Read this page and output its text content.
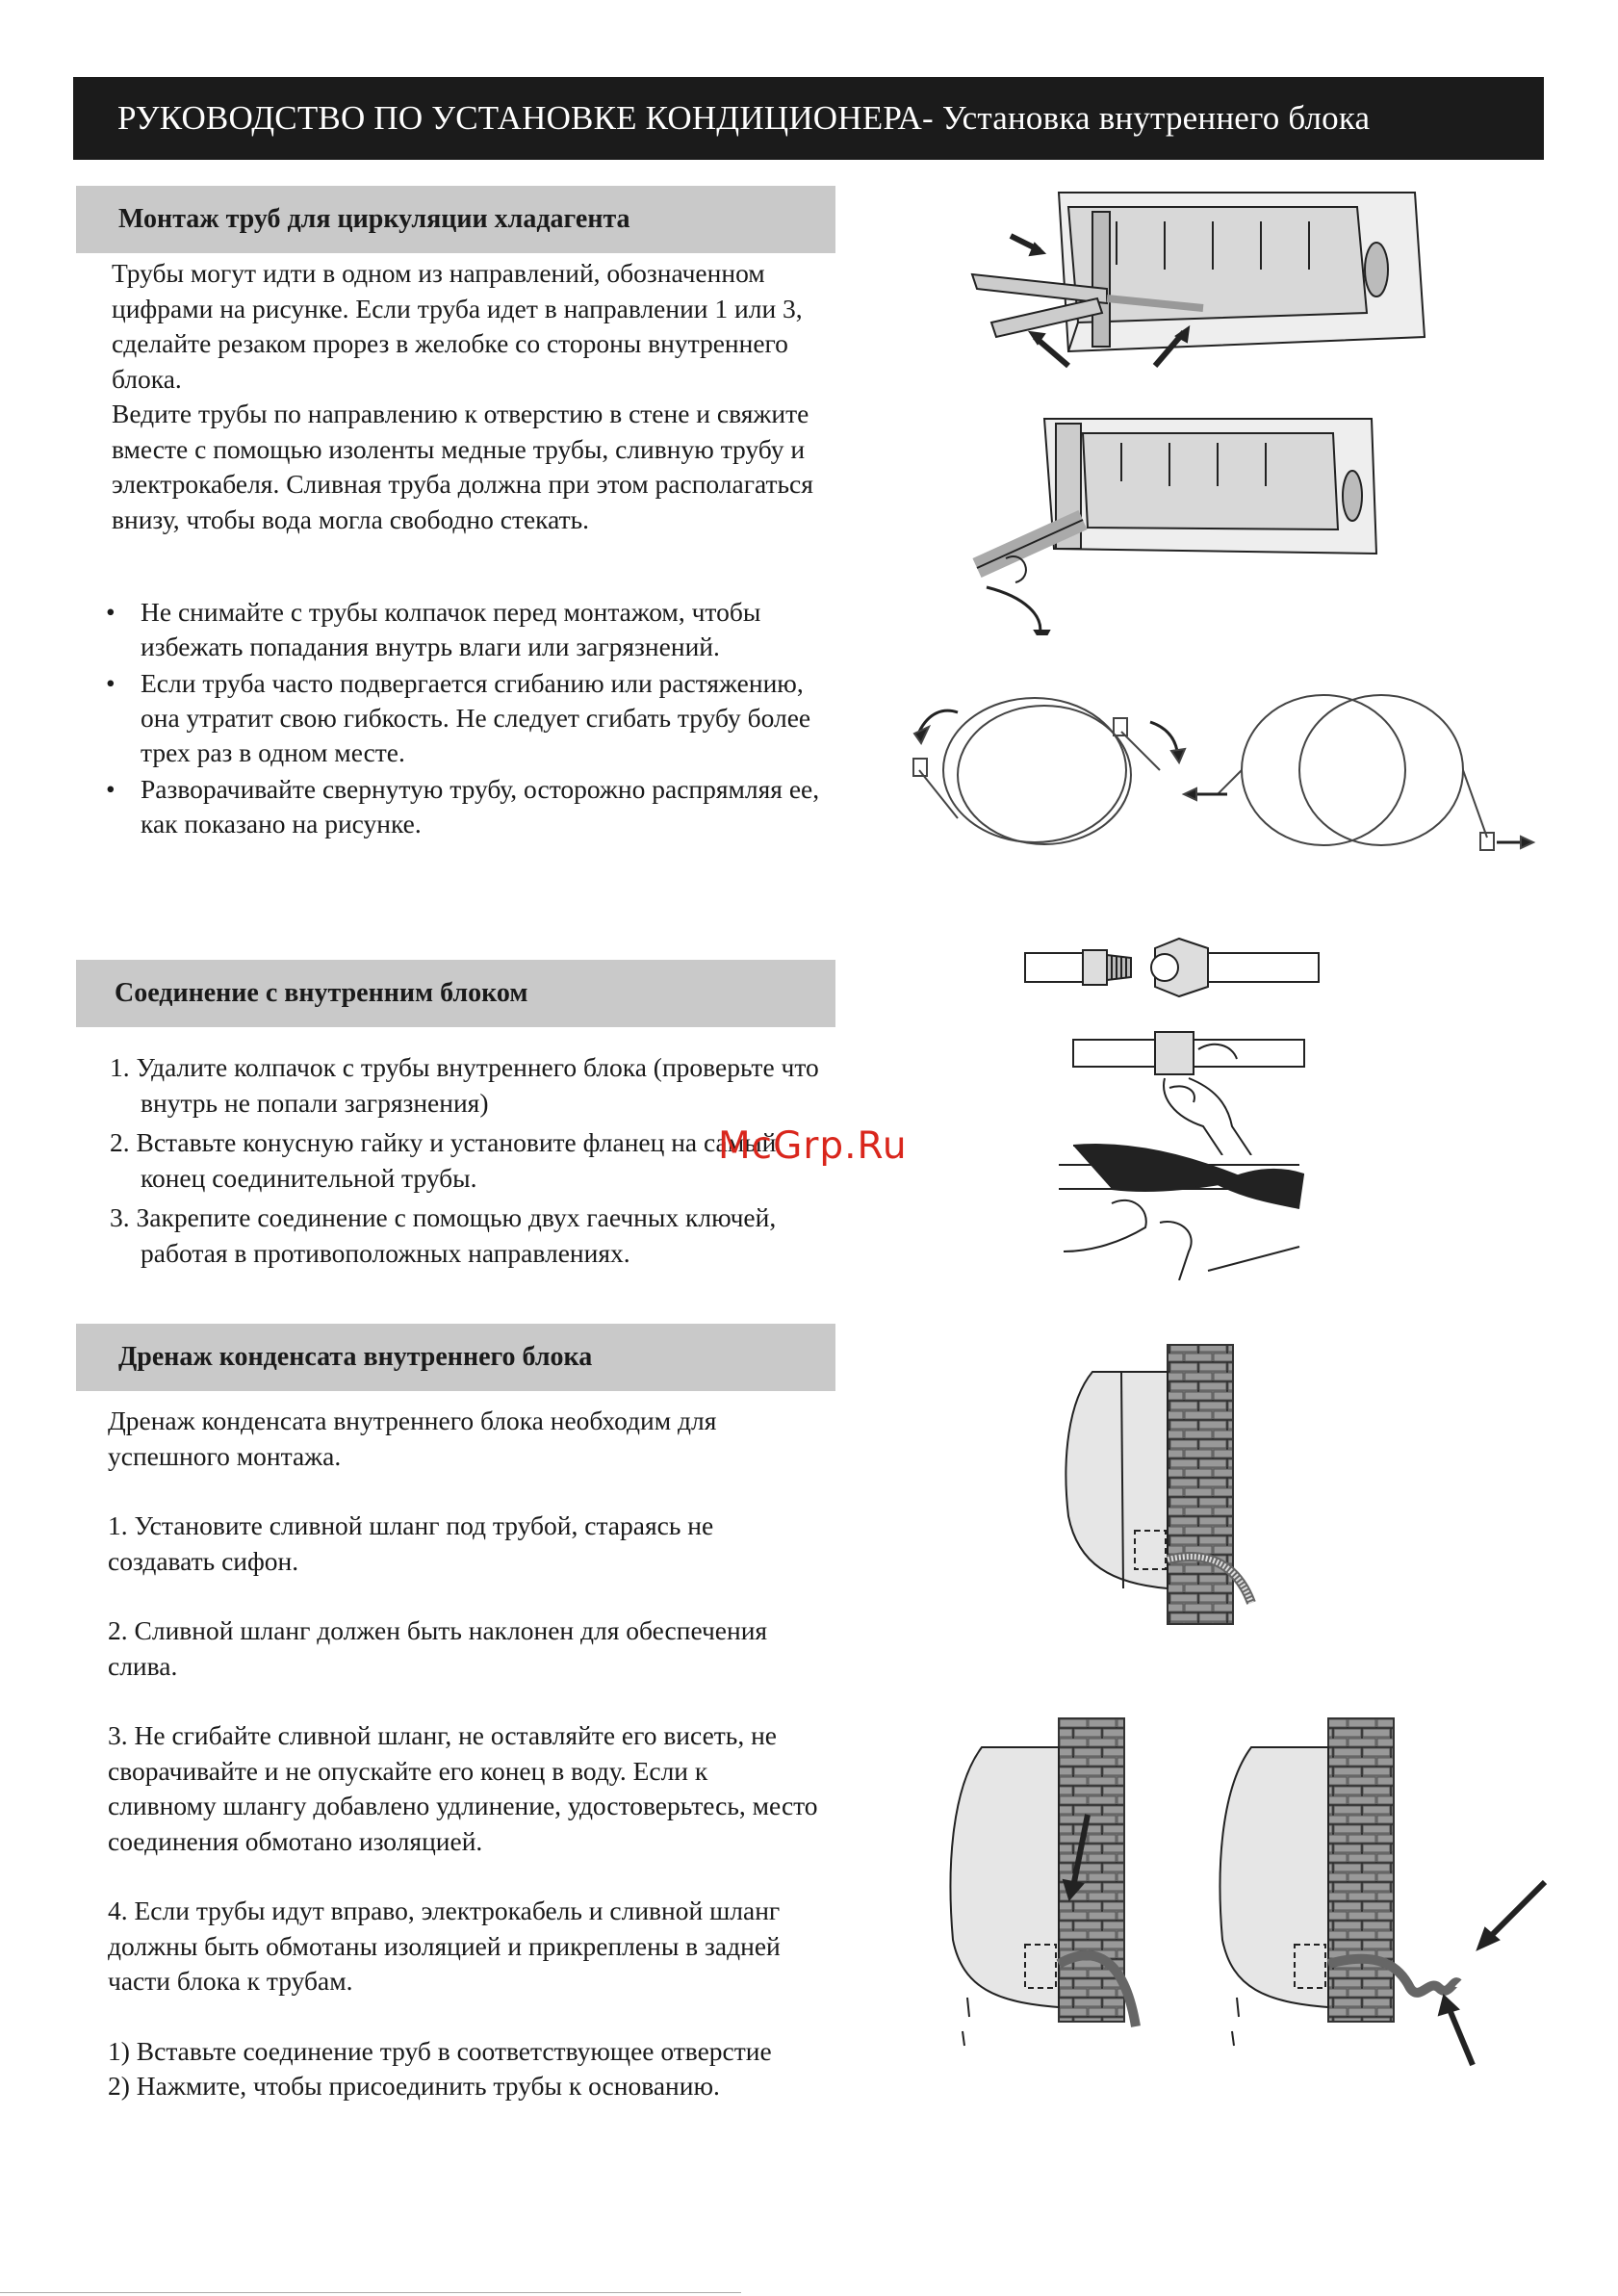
РУКОВОДСТВО ПО УСТАНОВКЕ КОНДИЦИОНЕРА - Установка внутреннего блока
Монтаж труб для циркуляции хладагента

Трубы могут идти в одном из направлений, обозначенном цифрами на рисунке. Если труба идет в направлении 1 или 3, сделайте резаком прорез в желобке со стороны внутреннего блока.

Ведите трубы по направлению к отверстию в стене и свяжите вместе с помощью изоленты медные трубы, сливную трубу и электрокабеля. Сливная труба должна при этом располагаться внизу, чтобы вода могла свободно стекать.

• Не снимайте с трубы колпачок перед монтажом, чтобы избежать попадания внутрь влаги или загрязнений.
• Если труба часто подвергается сгибанию или растяжению, она утратит свою гибкость. Не следует сгибать трубу более трех раз в одном месте.
• Разворачивайте свернутую трубу, осторожно распрямляя ее, как показано на рисунке.
Соединение с внутренним блоком
1. Удалите колпачок с трубы внутреннего блока (проверьте что внутрь не попали загрязнения)
2. Вставьте конусную гайку и установите фланец на самый конец соединительной трубы.
3. Закрепите соединение с помощью двух гаечных ключей, работая в противоположных направлениях.
Дренаж конденсата внутреннего блока

Дренаж конденсата внутреннего блока необходим для успешного монтажа.

1. Установите сливной шланг под трубой, стараясь не создавать сифон.

2. Сливной шланг должен быть наклонен для обеспечения слива.

3. Не сгибайте сливной шланг, не оставляйте его висеть, не сворачивайте и не опускайте его конец в воду. Если к сливному шлангу добавлено удлинение, удостоверьтесь, место соединения обмотано изоляцией.

4. Если трубы идут вправо, электрокабель и сливной шланг должны быть обмотаны изоляцией и прикреплены в задней части блока к трубам.

1) Вставьте соединение труб в соответствующее отверстие

2) Нажмите, чтобы присоединить трубы к основанию.

McGrp.Ru
